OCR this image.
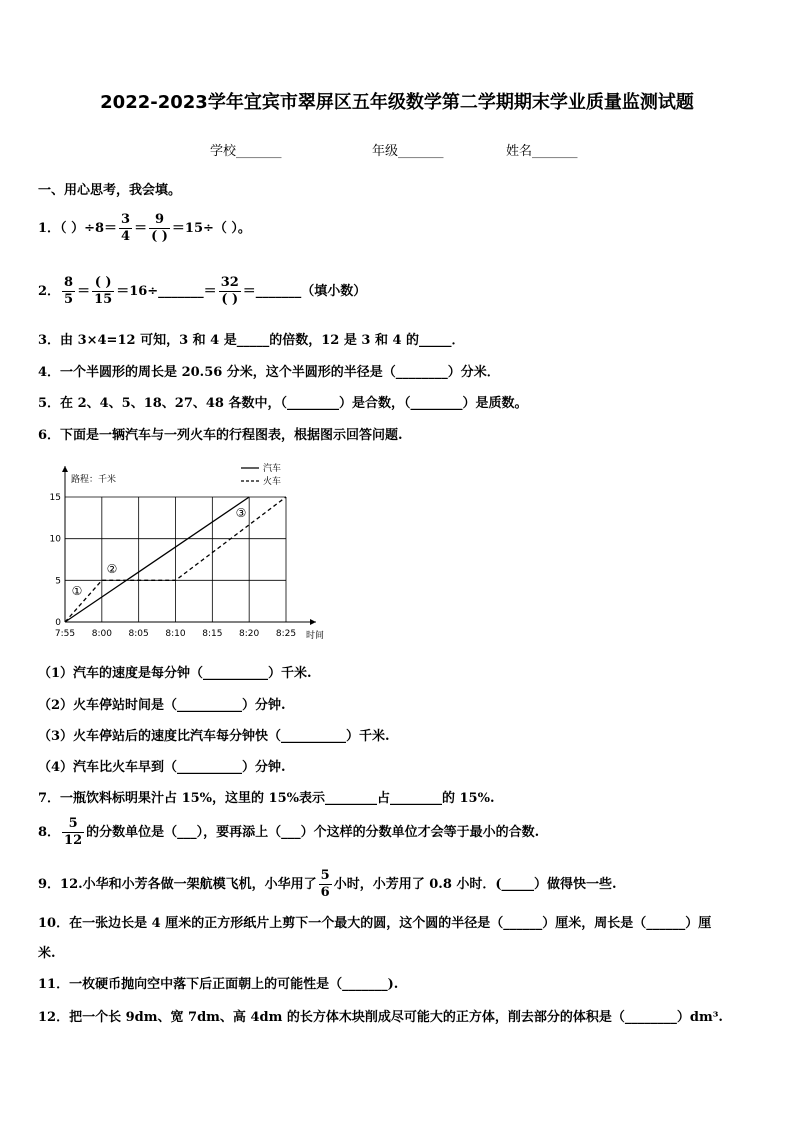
2022-2023学年宜宾市翠屏区五年级数学第二学期期末学业质量监测试题
学校_______	年级_______	姓名_______
一、用心思考，我会填。
1．（ ）$\div 8= \frac{3}{4} = \frac{9}{( )} =15\div$（ ）。
2． $\frac{8}{5} = \frac{( )}{15}$ ＝16÷_______＝ $\frac{32}{( )}$ ＝_______（填小数）
3．由 3×4=12 可知，3 和 4 是_____的倍数，12 是 3 和 4 的_____．
4．一个半圆形的周长是 20.56 分米，这个半圆形的半径是（________）分米．
5．在 2、4、5、18、27、48 各数中，（________）是合数，（________）是质数。
6．下面是一辆汽车与一列火车的行程图表，根据图示回答问题.
7:55 8:00 8:05 8:10 8:15 8:20 8:25
0
5
10
15
路程：千米
时间
汽车
火车
①
②
③
（1）汽车的速度是每分钟（__________）千米.
（2）火车停站时间是（__________）分钟.
（3）火车停站后的速度比汽车每分钟快（__________）千米.
（4）汽车比火车早到（__________）分钟.
7．一瓶饮料标明果汁占 15%，这里的 15%表示________占________的 15%.
8． $\frac{5}{12}$ 的分数单位是（___），要再添上（___）个这样的分数单位才会等于最小的合数.
9．12.小华和小芳各做一架航模飞机，小华用了 $\frac{5}{6}$ 小时，小芳用了 0.8 小时．(_____）做得快一些.
10．在一张边长是 4 厘米的正方形纸片上剪下一个最大的圆，这个圆的半径是（______）厘米，周长是（______）厘
米.
11．一枚硬币抛向空中落下后正面朝上的可能性是（_______).
12．把一个长 9dm、宽 7dm、高 4dm 的长方体木块削成尽可能大的正方体，削去部分的体积是（________）dm³.
